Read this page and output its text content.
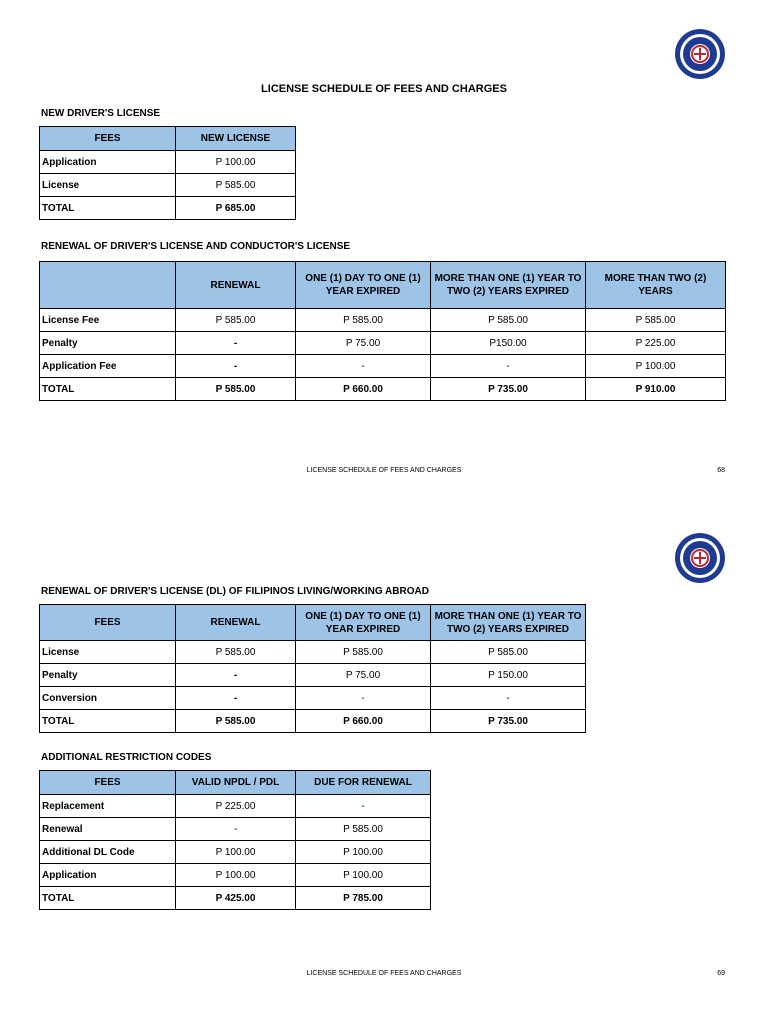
LICENSE SCHEDULE OF FEES AND CHARGES
NEW DRIVER'S LICENSE
FEES	NEW LICENSE
Application	P 100.00
License	P 585.00
TOTAL	P 685.00
RENEWAL OF DRIVER'S LICENSE AND CONDUCTOR'S LICENSE
	RENEWAL	ONE (1) DAY TO ONE (1) YEAR EXPIRED	MORE THAN ONE (1) YEAR TO TWO (2) YEARS EXPIRED	MORE THAN TWO (2) YEARS
License Fee	P 585.00	P 585.00	P 585.00	P 585.00
Penalty	-	P 75.00	P150.00	P 225.00
Application Fee	-	-	-	P 100.00
TOTAL	P 585.00	P 660.00	P 735.00	P 910.00
LICENSE SCHEDULE OF FEES AND CHARGES	68
RENEWAL OF DRIVER'S LICENSE (DL) OF FILIPINOS LIVING/WORKING ABROAD
FEES	RENEWAL	ONE (1) DAY TO ONE (1) YEAR EXPIRED	MORE THAN ONE (1) YEAR TO TWO (2) YEARS EXPIRED
License	P 585.00	P 585.00	P 585.00
Penalty	-	P 75.00	P 150.00
Conversion	-	-	-
TOTAL	P 585.00	P 660.00	P 735.00
ADDITIONAL RESTRICTION CODES
FEES	VALID NPDL / PDL	DUE FOR RENEWAL
Replacement	P 225.00	-
Renewal	-	P 585.00
Additional DL Code	P 100.00	P 100.00
Application	P 100.00	P 100.00
TOTAL	P 425.00	P 785.00
LICENSE SCHEDULE OF FEES AND CHARGES	69
